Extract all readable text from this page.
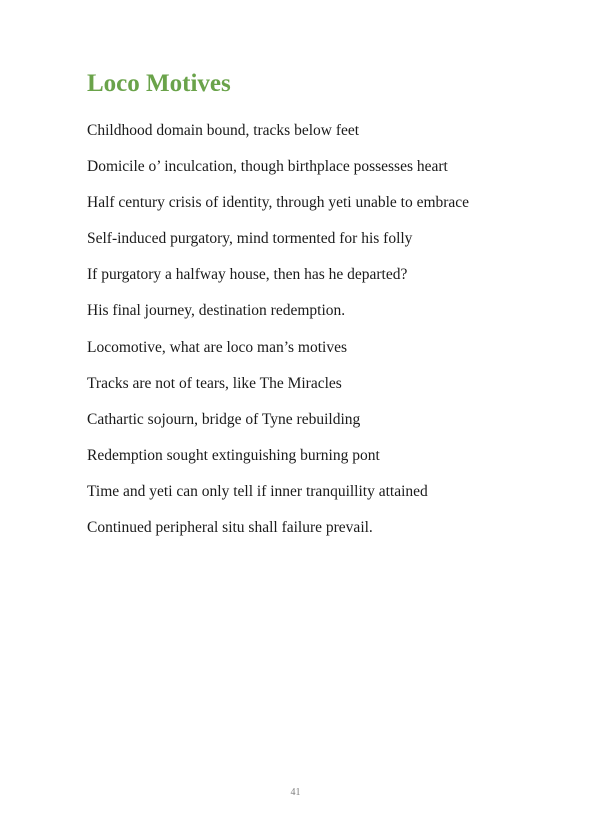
Loco Motives
Childhood domain bound, tracks below feet
Domicile o’ inculcation, though birthplace possesses heart
Half century crisis of identity, through yeti unable to embrace
Self-induced purgatory, mind tormented for his folly
If purgatory a halfway house, then has he departed?
His final journey, destination redemption.
Locomotive, what are loco man’s motives
Tracks are not of tears, like The Miracles
Cathartic sojourn, bridge of Tyne rebuilding
Redemption sought extinguishing burning pont
Time and yeti can only tell if inner tranquillity attained
Continued peripheral situ shall failure prevail.
41
